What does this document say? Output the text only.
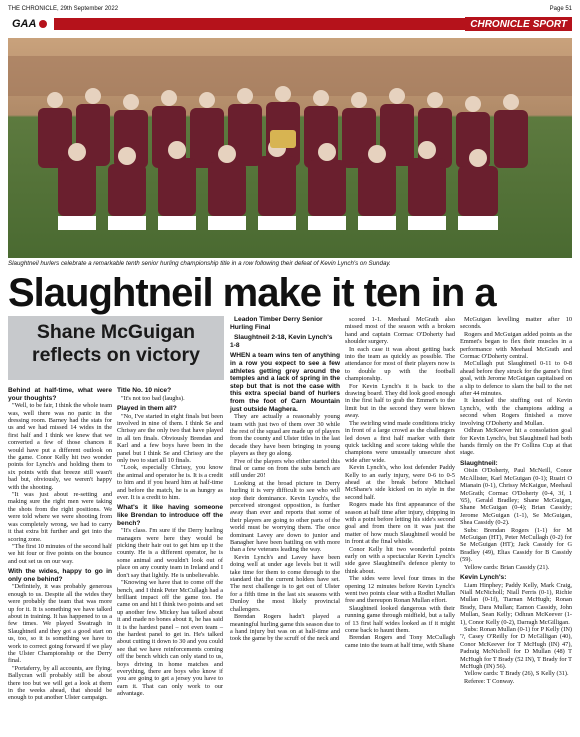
THE CHRONICLE, 29th September 2022	Page 51
GAA	CHRONICLE SPORT
Slaughtneil hurlers celebrate a remarkable tenth senior hurling championship title in a row following their defeat of Kevin Lynch's on Sunday.
Slaughtneil make it ten in a
Shane McGuigan reflects on victory

Behind at half-time, what were your thoughts?

"Well, to be fair, I think the whole team was, well there was no panic in the dressing room. Barney had the stats for us and we had missed 14 wides in the first half and I think we knew that we converted a few of those chances it would have put a different outlook on the game. Conor Kelly hit two wonder points for Lynch's and holding them to six points with that breeze still wasn't bad but, obviously, we weren't happy with the shooting.

"It was just about re-setting and making sure the right men were taking the shots from the right positions. We were told where we were shooting from was completely wrong, we had to carry it that extra bit further and get into the scoring zone.

"The first 10 minutes of the second half we hit four or five points on the bounce and out set us on our way.

With the wides, happy to go in only one behind?

"Definitely, it was probably generous enough to us. Despite all the wides they were probably the team that was more up for it. It is something we have talked about in training. It has happened to us a few times. We played Swatragh in Slaughtneil and they got a good start on us, too, so it is something we have to work to correct going forward if we play the Ulster Championship or the Derry final.

"Portaferry, by all accounts, are flying. Ballycran will probably still be about there too but we will get a look at them in the weeks ahead, that should be enough to put another Ulster campaign.

Title No. 10 nice?

"It's not too bad (laughs).

Played in them all?

"No, I've started in eight finals but been involved in nine of them. I think Se and Chrissy are the only two that have played in all ten finals. Obviously Brendan and Karl and a few boys have been in the panel but I think Se and Chrissy are the only two to start all 10 finals.

"Look, especially Chrissy, you know the animal and operator he is. It is a credit to him and if you heard him at half-time and before the match, he is as hungry as ever. It is a credit to him.

What's it like having someone like Brendan to introduce off the bench?

"It's class. I'm sure if the Derry hurling managers were here they would be picking their hair out to get him up it the county. He is a different operator, he is some animal and wouldn't look out of place on any county team in Ireland and I don't say that lightly. He is unbelievable.

"Knowing we have that to come off the bench, and I think Peter McCullagh had a brilliant impact off the game too. He came on and hit I think two points and set up another few. Mickey has talked about it and made no bones about it, he has said it is the hardest panel – not even team – the hardest panel to get in. He's talked about cutting it down to 30 and you could see that we have reinforcements coming off the bench which can only stand to us, boys driving in home matches and everything, there are boys who know if you are going to get a jersey you have to earn it. That can only work to our advantage.

Leadon Timber Derry Senior Hurling Final

Slaughtneil 2-18, Kevin Lynch's 1-8

WHEN a team wins ten of anything in a row you expect to see a few athletes getting grey around the temples and a lack of spring in the step but that is not the case with this extra special band of hurlers from the foot of Carn Mountain just outside Maghera.

They are actually a reasonably young team with just two of them over 30 while the rest of the squad are made up of players from the county and Ulster titles in the last decade they have been bringing in young players as they go along.

Five of the players who either started this final or came on from the subs bench are still under 20!

Looking at the broad picture in Derry hurling it is very difficult to see who will stop their dominance. Kevin Lynch's, the perceived strongest opposition, is further away than ever and reports that some of their players are going to other parts of the world must be worrying them. The once dominant Lavey are down to junior and Banagher have been battling on with more than a few veterans leading the way.

Kevin Lynch's and Lavey have been doing well at under age levels but it will take time for them to come through to the standard that the current holders have set. The next challenge is to get out of Ulster for a fifth time in the last six seasons with Dunloy the most likely provincial challengers.

Brendan Rogers hadn't played a meaningful hurling game this season due to a hand injury but was on at half-time and took the game by the scruff of the neck and

scored 1-1. Meehaul McGrath also missed most of the season with a broken hand and captain Cormac O'Doherty had shoulder surgery.

In each case it was about getting back into the team as quickly as possible. The attendance for most of their players now is to double up with the football championship.

For Kevin Lynch's it is back to the drawing board. They did look good enough in the first half to grab the Emmet's to the limit but in the second they were blown away.

The swirling wind made conditions tricky in front of a large crowd as the challengers led down a first half marker with their quick tackling and score taking while the champions were unusually unsecure shot wide after wide.

Kevin Lynch's, who lost defender Paddy Kelly to an early injury, were 0-6 to 0-5 ahead at the break before Michael McShane's side kicked on in style in the second half.

Rogers made his first appearance of the season at half time after injury, chipping in with a point before letting his side's second goal and from there on it was just the matter of how much Slaughtneil would be in front at the final whistle.

Conor Kelly hit two wonderful points early on with a spectacular Kevin Lynch's side gave Slaughtneil's defence plenty to think about.

The sides were level four times in the opening 12 minutes before Kevin Lynch's went two points clear with a Rodhri Mullan free and thereupon Ronan Mullan effort.

Slaughtneil looked dangerous with their running game through midfield, but a tally of 13 first half wides looked as if it might come back to haunt them.

Brendan Rogers and Tony McCullagh came into the team at half time, with Shane

McGuigan levelling matter after 10 seconds.

Rogers and McGuigan added points as the Emmet's began to flex their muscles in a performance with Meehaul McGrath and Cormac O'Doherty central.

McCullagh put Slaughtneil 0-11 to 0-8 ahead before they struck for the game's first goal, with Jerome McGuigan capitalised on a slip to defence to slam the ball to the net after 44 minutes.

It knocked the stuffing out of Kevin Lynch's, with the champions adding a second when Rogers finished a move involving O'Doherty and Mullan.

Odhran McKeever hit a consolation goal for Kevin Lynch's, but Slaughtneil had both hands firmly on the Fr Collins Cup at that stage.

Slaughtneil:

Oisin O'Doherty, Paul McNeill, Conor McAllister, Karl McGuigan (0-1); Ruairi O Mianain (0-1), Chrissy McKaigue, Meehaul McGrath; Cormac O'Doherty (0-4, 3f, 1 '65), Gerald Bradley; Shane McGuigan, Shane McGuigan (0-4); Brian Cassidy; Jerome McGuigan (1-1), Se McGuigan, Shea Cassidy (0-2).

Subs: Brendan Rogers (1-1) for M McGuigan (HT), Peter McCullagh (0-2) for Se McGuigan (HT); Jack Cassidy for G Bradley (49), Elias Cassidy for B Cassidy (59).

Yellow cards: Brian Cassidy (21).

Kevin Lynch's:

Liam Hinphey; Paddy Kelly, Mark Craig, Niall McNicholl; Niall Ferris (0-1), Richie Mullan (0-1f), Tiarnan McHugh; Ronan Brady, Dara Mullan; Eamon Cassidy, John Mullan, Sean Kelly; Odhran McKeever (1-1), Conor Kelly (0-2), Darragh McGilligan.

Subs: Ronan Mullan (0-1) for P Kelly (IN) '?, Casey O'Reilly for D McGilligan (40), Conor McKeever for T McHugh (IN) 47), Padraig McNicholl for D Mullan (48) T McHugh for T Brady (52 IN), T Brady for T McHugh (IN) 56).

Yellow cards: T Brady (26), S Kelly (31).

Referee: T Conway.
